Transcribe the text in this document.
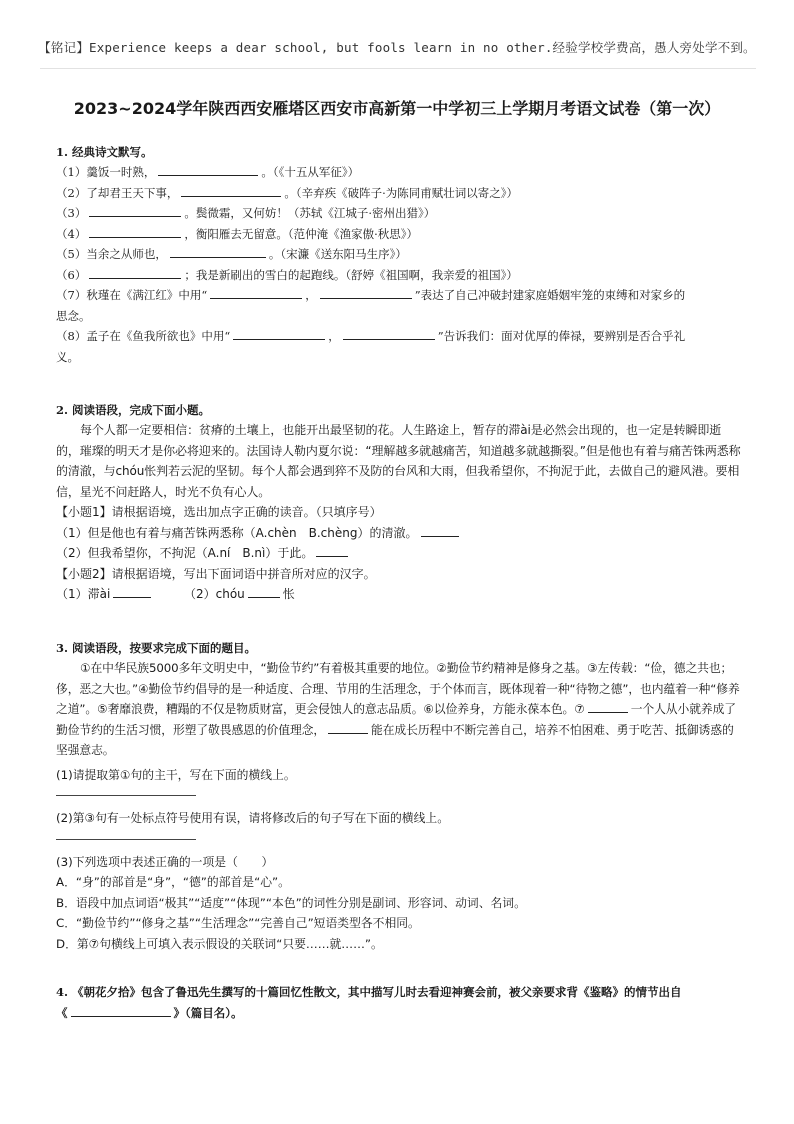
【铭记】Experience keeps a dear school, but fools learn in no other.经验学校学费高，愚人旁处学不到。
2023~2024学年陕西西安雁塔区西安市高新第一中学初三上学期月考语文试卷（第一次）
1. 经典诗文默写。
（1）羹饭一时熟，	。（《十五从军征》）
（2）了却君王天下事，	。（辛弃疾《破阵子·为陈同甫赋壮词以寄之》）
（3）	。鬓微霜，又何妨！（苏轼《江城子·密州出猎》）
（4）	，衡阳雁去无留意。（范仲淹《渔家傲·秋思》）
（5）当余之从师也，	。（宋濂《送东阳马生序》）
（6）	；我是新刷出的雪白的起跑线。（舒婷《祖国啊，我亲爱的祖国》）
（7）秋瑾在《满江红》中用“	，	”表达了自己冲破封建家庭婚姻牢笼的束缚和对家乡的
思念。
（8）孟子在《鱼我所欲也》中用“	，	”告诉我们：面对优厚的俸禄，要辨别是否合乎礼
义。
2. 阅读语段，完成下面小题。
每个人都一定要相信：贫瘠的土壤上，也能开出最坚韧的花。人生路途上，暂存的滞ài是必然会出现的，也一定是转瞬即逝的，璀璨的明天才是你必将迎来的。法国诗人勒内夏尔说：“理解越多就越痛苦，知道越多就越撕裂。”但是他也有着与痛苦铢两悉称的清澈，与chóu怅判若云泥的坚韧。每个人都会遇到猝不及防的台风和大雨，但我希望你，不拘泥于此，去做自己的避风港。要相信，星光不问赶路人，时光不负有心人。
【小题1】请根据语境，选出加点字正确的读音。（只填序号）
（1）但是他也有着与痛苦铢两悉称（A.chèn　B.chèng）的清澈。
（2）但我希望你，不拘泥（A.ní　B.nì）于此。
【小题2】请根据语境，写出下面词语中拼音所对应的汉字。
（1）滞ài	（2）chóu	怅
3. 阅读语段，按要求完成下面的题目。
①在中华民族5000多年文明史中，“勤俭节约”有着极其重要的地位。②勤俭节约精神是修身之基。③左传载：“俭，德之共也；侈，恶之大也。”④勤俭节约倡导的是一种适度、合理、节用的生活理念，于个体而言，既体现着一种“待物之德”，也内蕴着一种“修养之道”。⑤奢靡浪费，糟蹋的不仅是物质财富，更会侵蚀人的意志品质。⑥以俭养身，方能永葆本色。⑦	一个人从小就养成了勤俭节约的生活习惯，形塑了敬畏感恩的价值理念，	能在成长历程中不断完善自己，培养不怕困难、勇于吃苦、抵御诱惑的坚强意志。
(1)请提取第①句的主干，写在下面的横线上。
(2)第③句有一处标点符号使用有误，请将修改后的句子写在下面的横线上。
(3)下列选项中表述正确的一项是（　　）
A．“身”的部首是“身”，“德”的部首是“心”。
B．语段中加点词语“极其”“适度”“体现”“本色”的词性分别是副词、形容词、动词、名词。
C．“勤俭节约”“修身之基”“生活理念”“完善自己”短语类型各不相同。
D．第⑦句横线上可填入表示假设的关联词“只要……就……”。
4. 《朝花夕拾》包含了鲁迅先生撰写的十篇回忆性散文，其中描写儿时去看迎神赛会前，被父亲要求背《鉴略》的情节出自
《	》（篇目名）。
